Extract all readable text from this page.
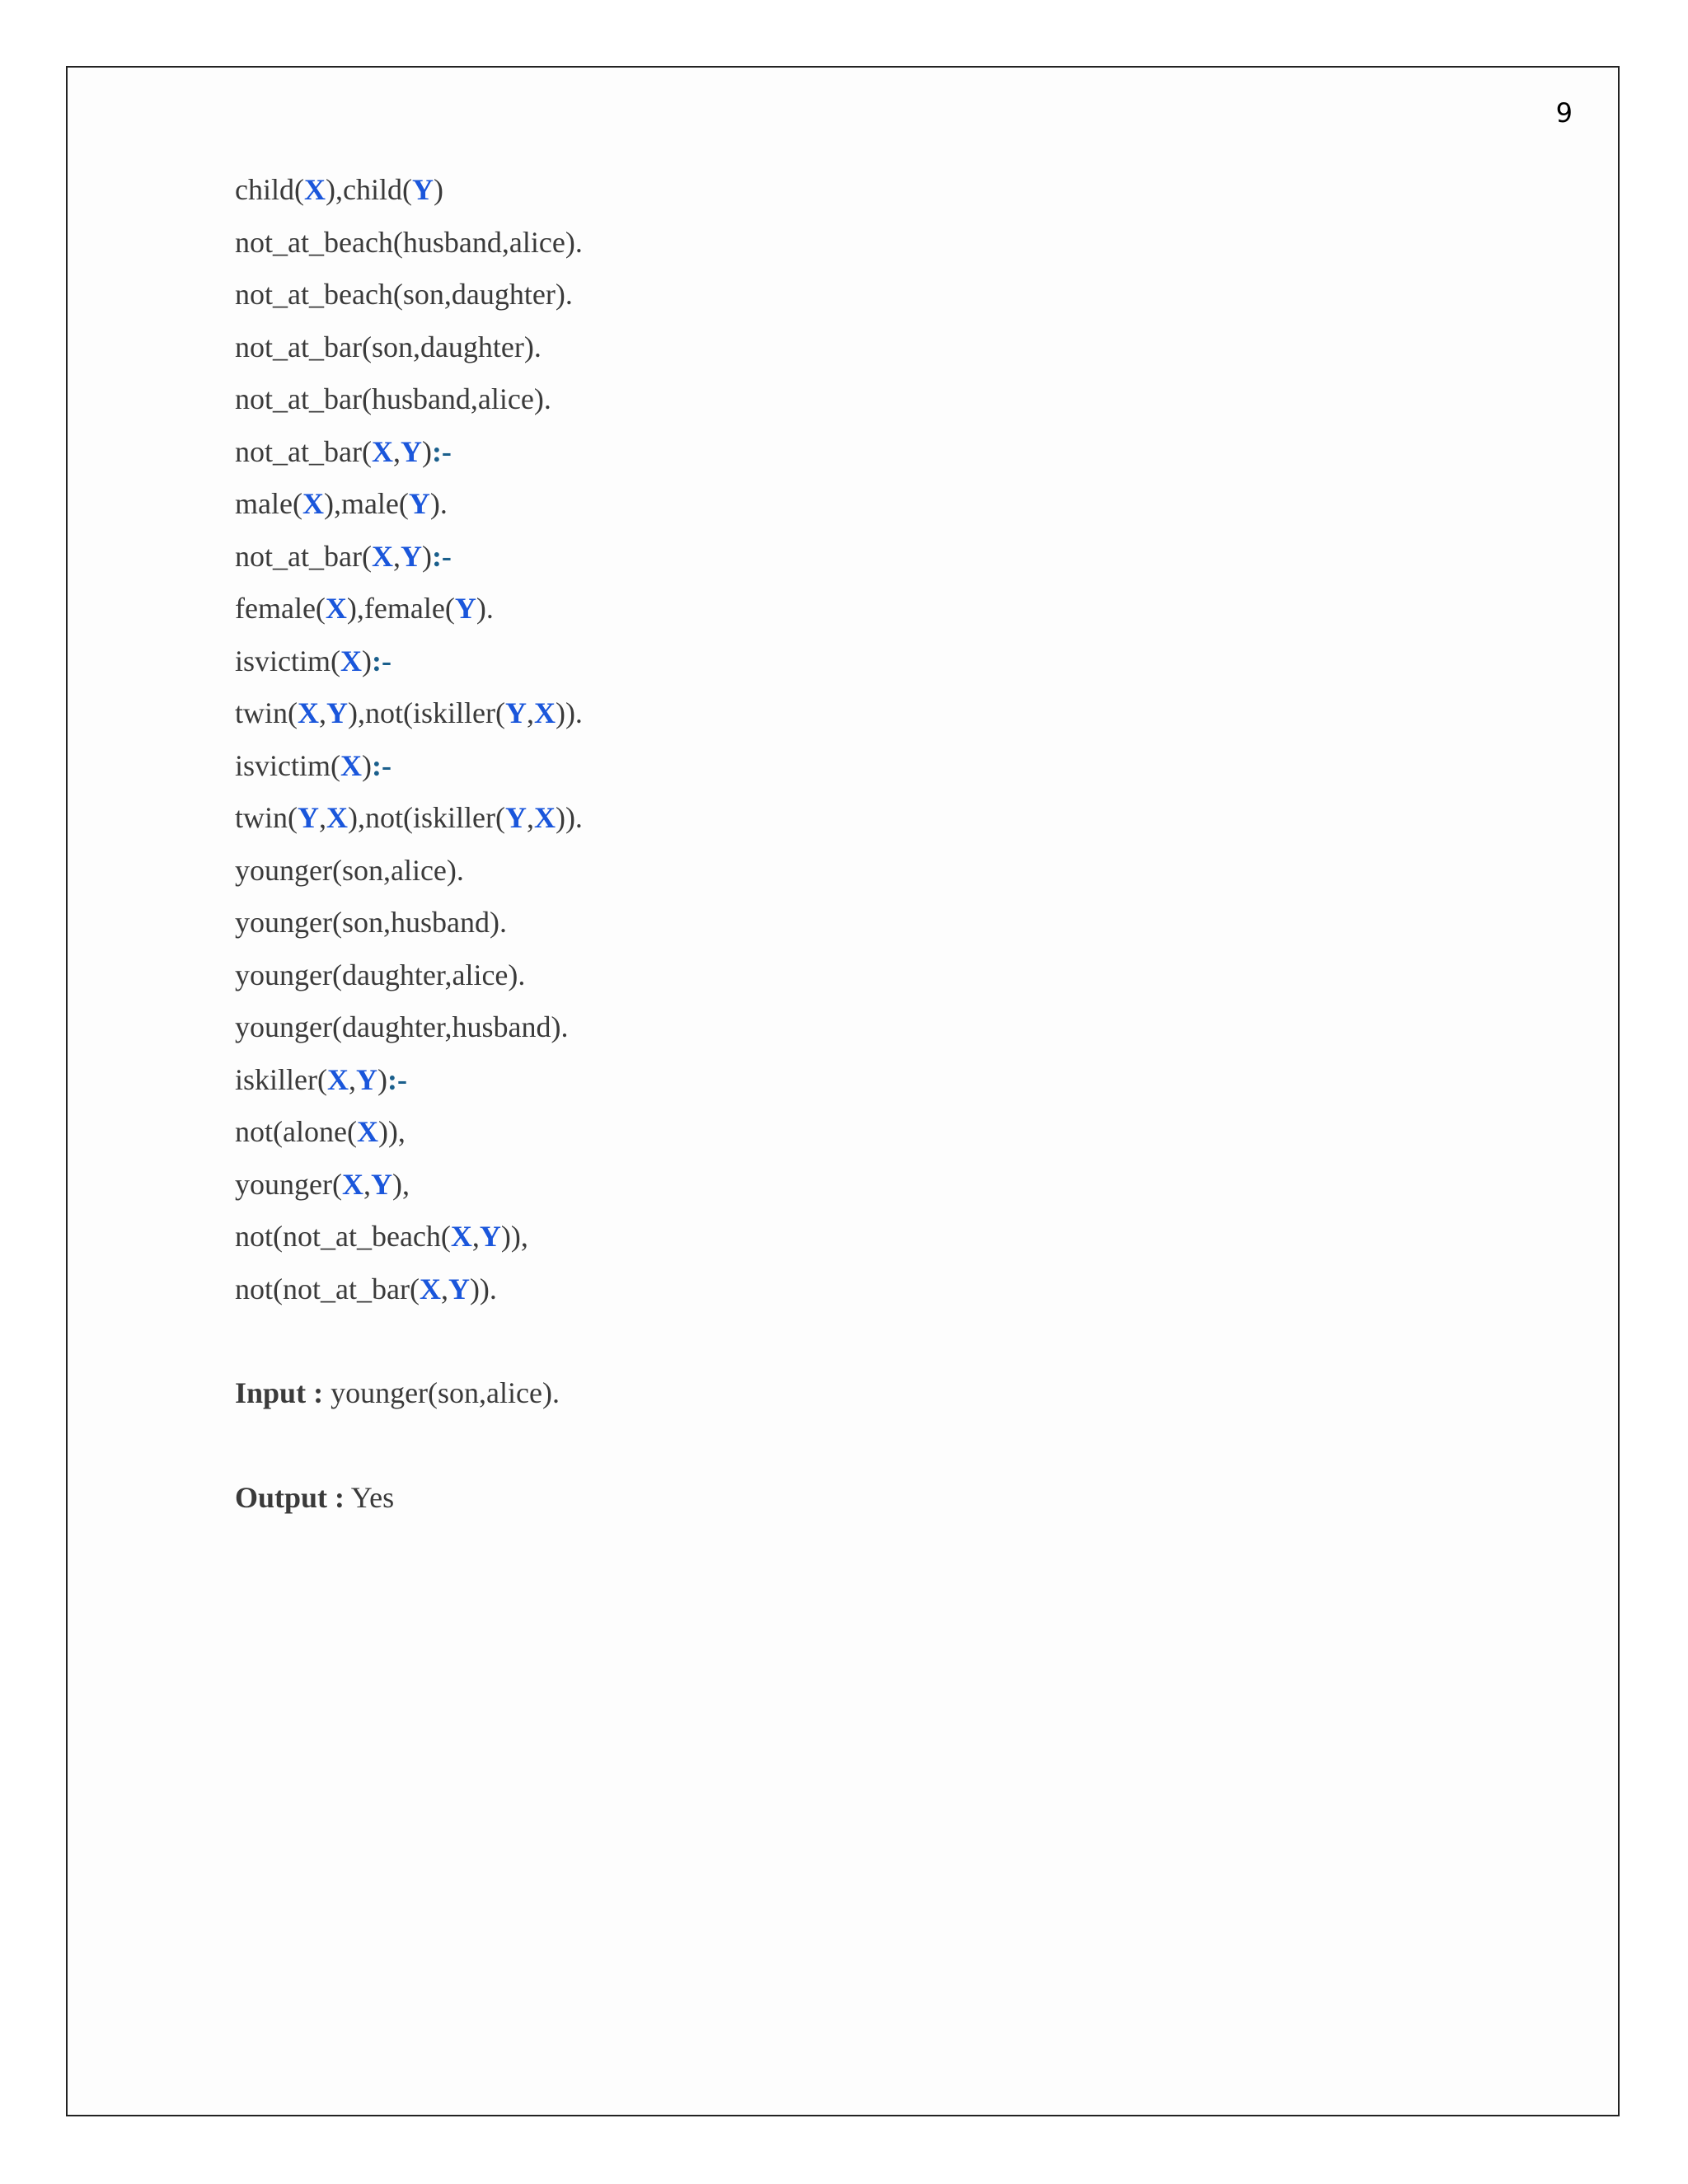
9
child(X),child(Y)
not_at_beach(husband,alice).
not_at_beach(son,daughter).
not_at_bar(son,daughter).
not_at_bar(husband,alice).
not_at_bar(X,Y):-
male(X),male(Y).
not_at_bar(X,Y):-
female(X),female(Y).
isvictim(X):-
twin(X,Y),not(iskiller(Y,X)).
isvictim(X):-
twin(Y,X),not(iskiller(Y,X)).
younger(son,alice).
younger(son,husband).
younger(daughter,alice).
younger(daughter,husband).
iskiller(X,Y):-
not(alone(X)),
younger(X,Y),
not(not_at_beach(X,Y)),
not(not_at_bar(X,Y)).
Input : younger(son,alice).
Output : Yes
